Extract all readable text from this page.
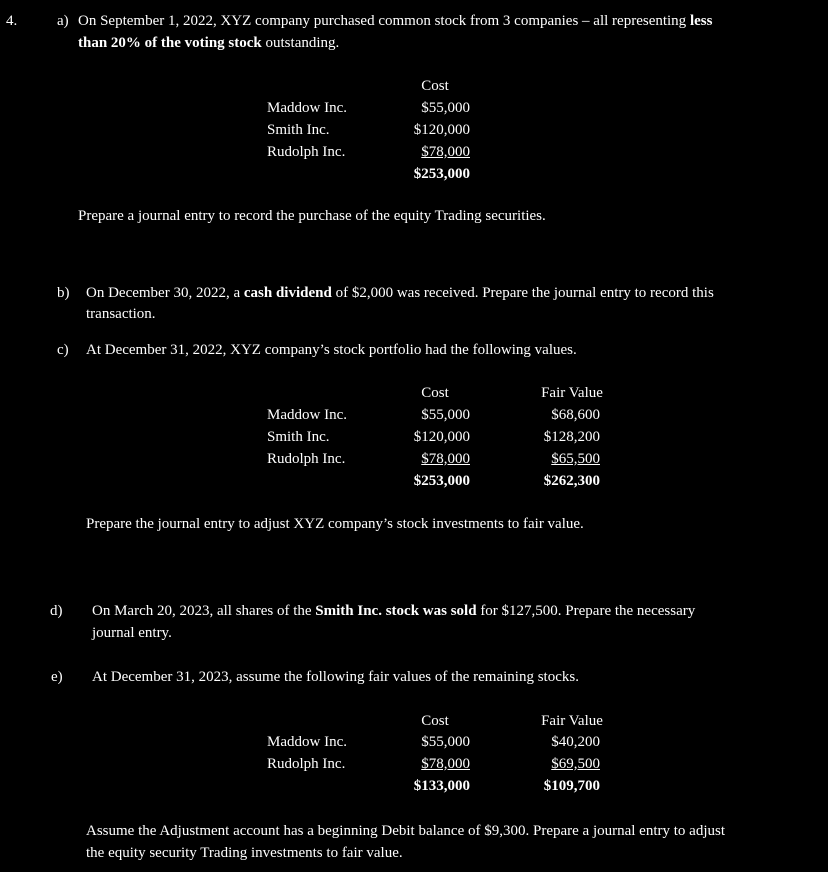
4.	a) On September 1, 2022, XYZ company purchased common stock from 3 companies – all representing less
than 20% of the voting stock outstanding.
Cost
Maddow Inc.	$55,000
Smith Inc.	$120,000
Rudolph Inc.	$78,000
$253,000
Prepare a journal entry to record the purchase of the equity Trading securities.
b) On December 30, 2022, a cash dividend of $2,000 was received. Prepare the journal entry to record this
transaction.
c) At December 31, 2022, XYZ company’s stock portfolio had the following values.
Cost	Fair Value
Maddow Inc.	$55,000	$68,600
Smith Inc.	$120,000	$128,200
Rudolph Inc.	$78,000	$65,500
$253,000	$262,300
Prepare the journal entry to adjust XYZ company’s stock investments to fair value.
d) On March 20, 2023, all shares of the Smith Inc. stock was sold for $127,500. Prepare the necessary
journal entry.
e) At December 31, 2023, assume the following fair values of the remaining stocks.
Cost	Fair Value
Maddow Inc.	$55,000	$40,200
Rudolph Inc.	$78,000	$69,500
$133,000	$109,700
Assume the Adjustment account has a beginning Debit balance of $9,300. Prepare a journal entry to adjust
the equity security Trading investments to fair value.
